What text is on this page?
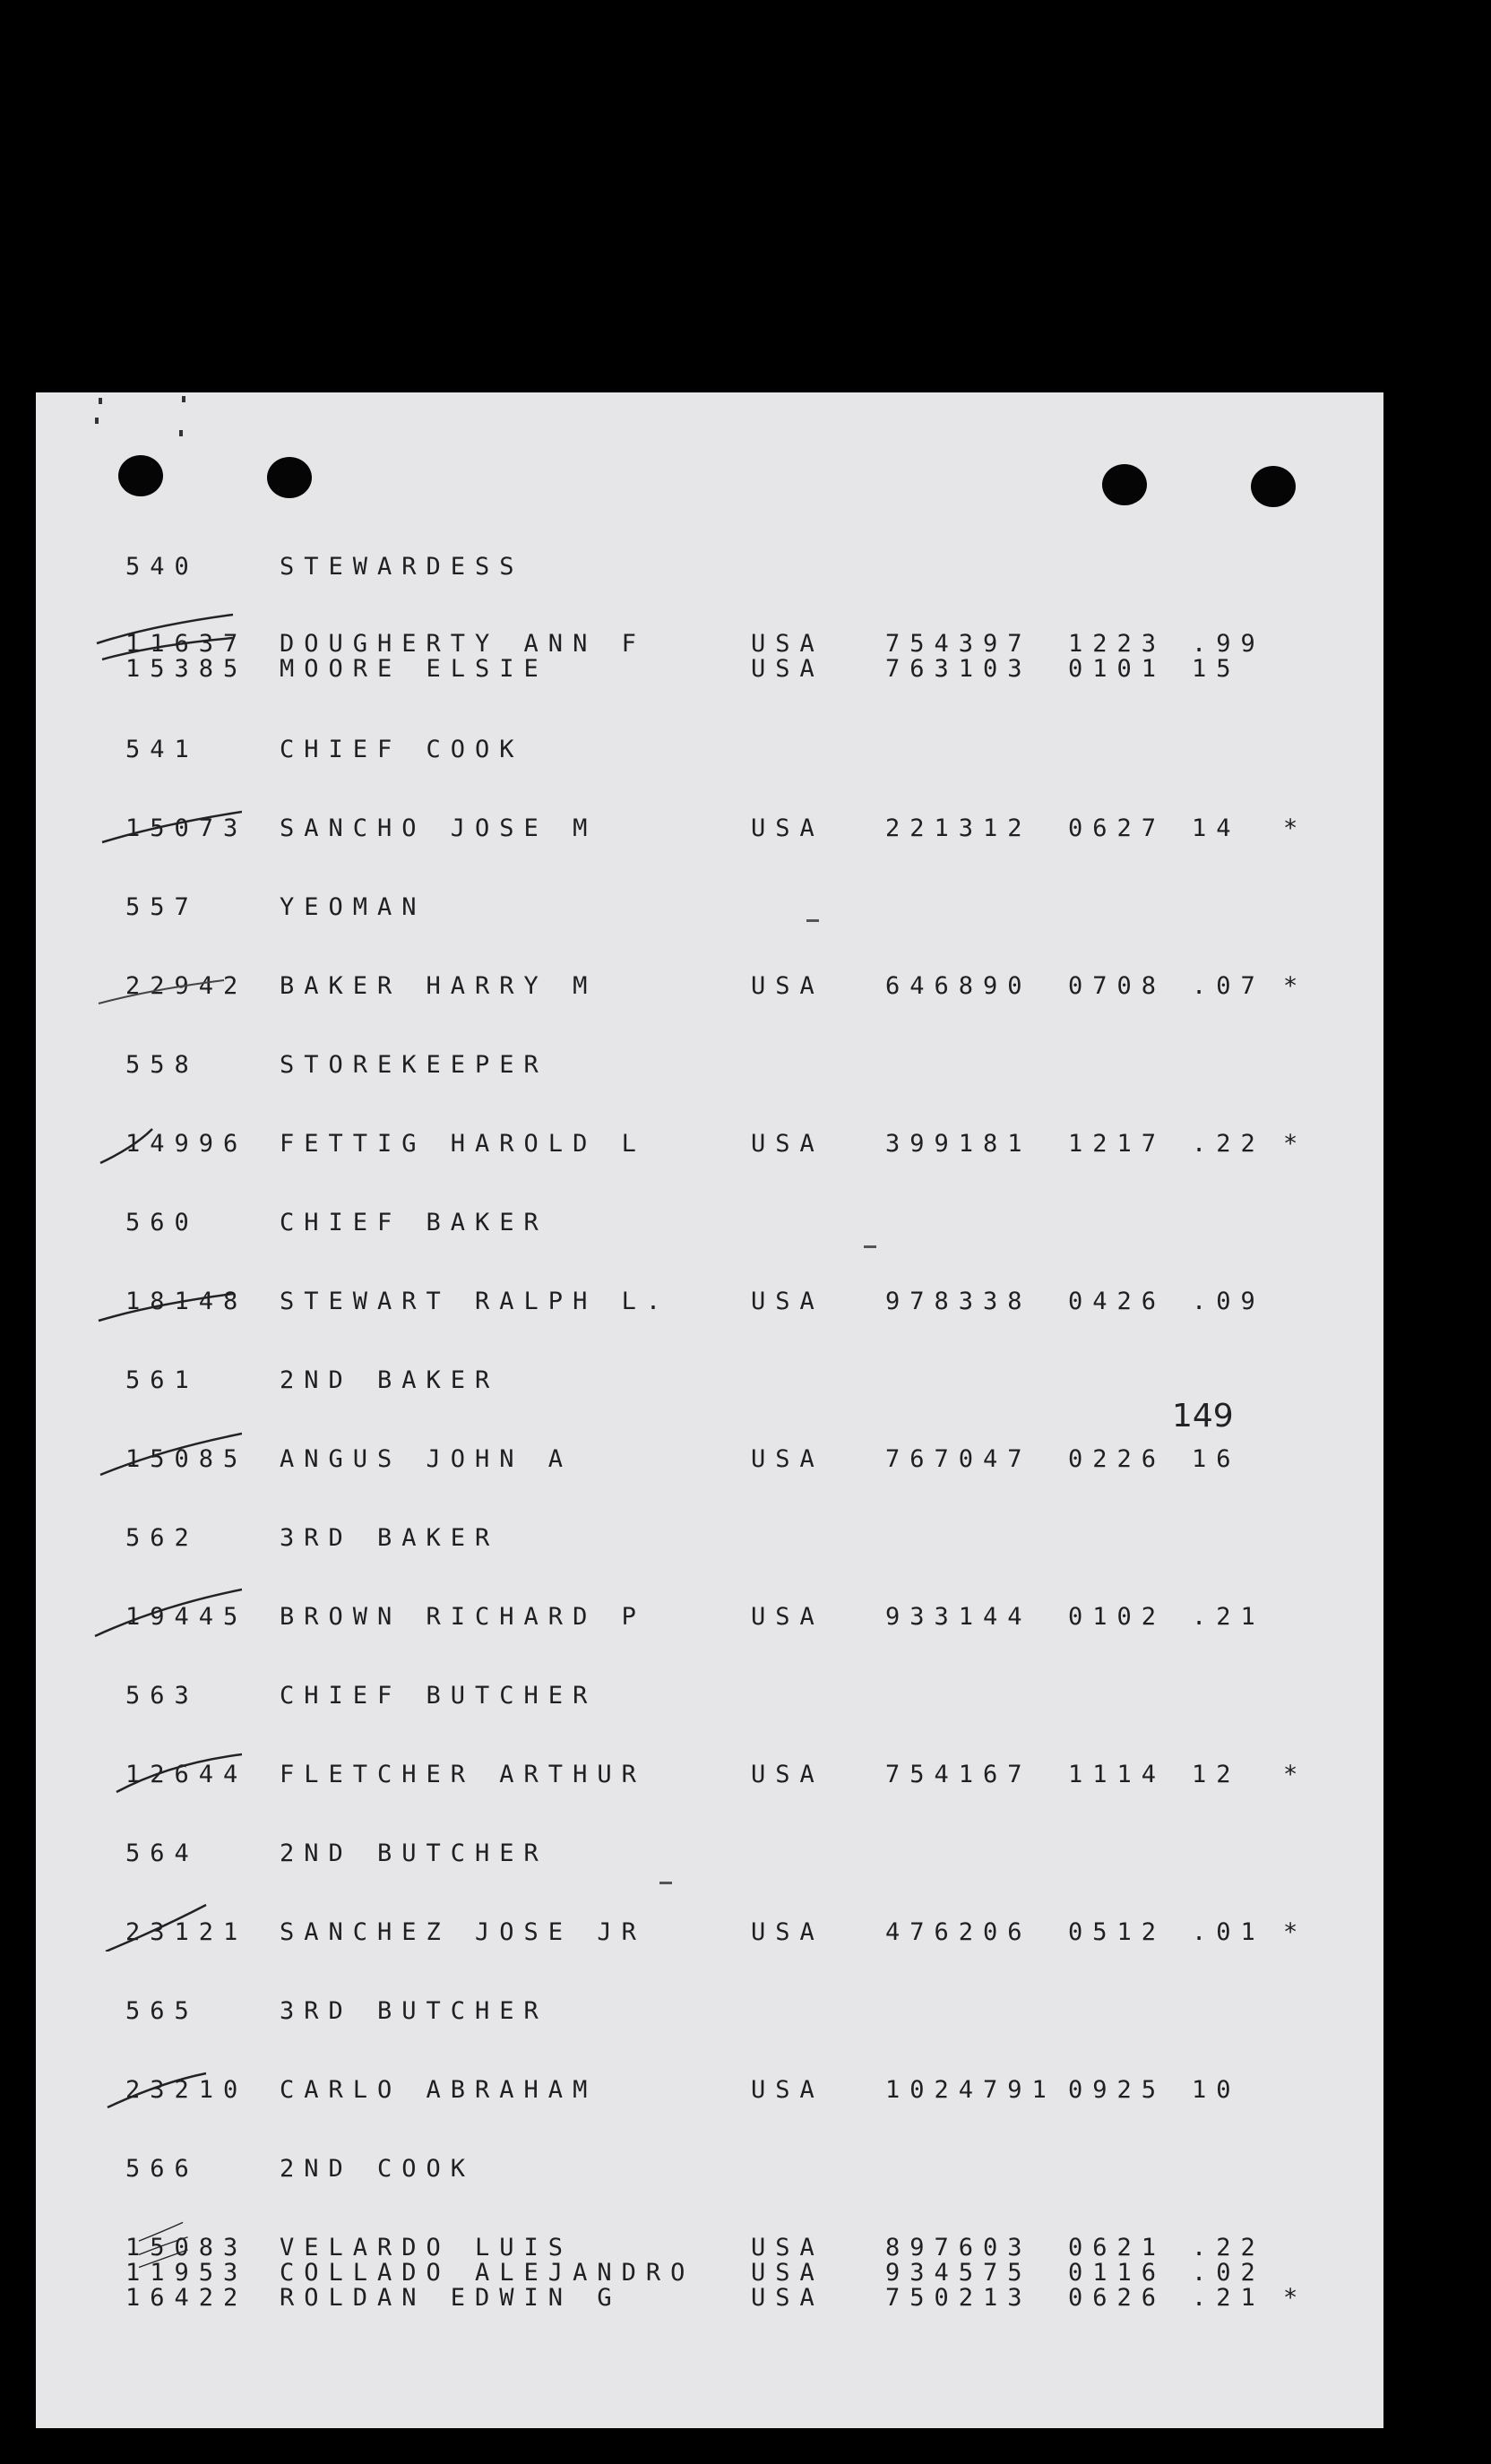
149
540	STEWARDESS
11637 DOUGHERTY ANN F	USA	754397 1223 .99
15385 MOORE ELSIE	USA	763103 0101 15
541	CHIEF COOK
15073 SANCHO JOSE M	USA	221312 0627 14 *
557	YEOMAN
22942 BAKER HARRY M	USA	646890 0708 .07 *
558	STOREKEEPER
14996 FETTIG HAROLD L	USA	399181 1217 .22 *
560	CHIEF BAKER
18148 STEWART RALPH L.	USA	978338 0426 .09
561	2ND BAKER
15085 ANGUS JOHN A	USA	767047 0226 16
562	3RD BAKER
19445 BROWN RICHARD P	USA	933144 0102 .21
563	CHIEF BUTCHER
12644 FLETCHER ARTHUR	USA	754167 1114 12 *
564	2ND BUTCHER
23121 SANCHEZ JOSE JR	USA	476206 0512 .01 *
565	3RD BUTCHER
23210 CARLO ABRAHAM	USA	1024791 0925 10
566	2ND COOK
15083 VELARDO LUIS	USA	897603 0621 .22
11953 COLLADO ALEJANDRO USA	934575 0116 .02
16422 ROLDAN EDWIN G	USA	750213 0626 .21 *
